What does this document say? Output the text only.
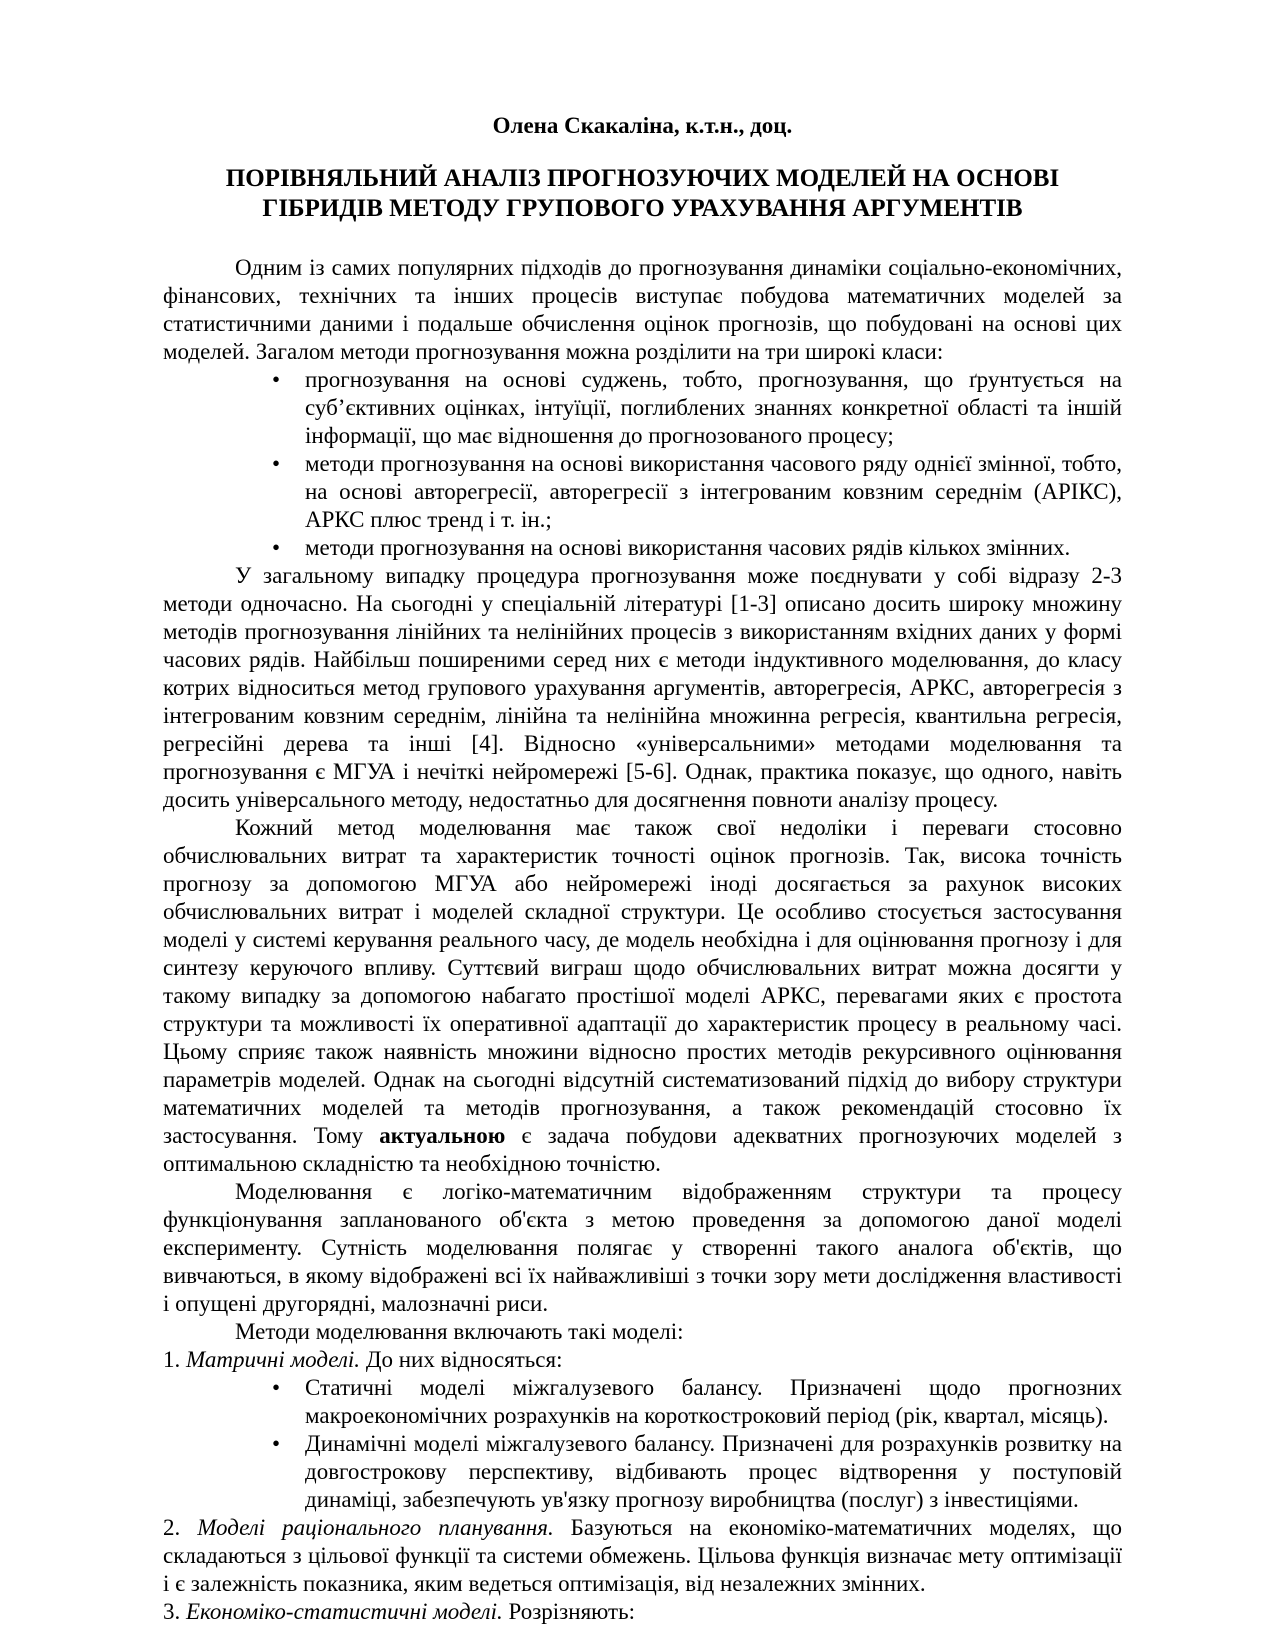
Олена Скакаліна, к.т.н., доц.
ПОРІВНЯЛЬНИЙ АНАЛІЗ ПРОГНОЗУЮЧИХ МОДЕЛЕЙ НА ОСНОВІ ГІБРИДІВ МЕТОДУ ГРУПОВОГО УРАХУВАННЯ АРГУМЕНТІВ

Одним із самих популярних підходів до прогнозування динаміки соціально-економічних, фінансових, технічних та інших процесів виступає побудова математичних моделей за статистичними даними і подальше обчислення оцінок прогнозів, що побудовані на основі цих моделей. Загалом методи прогнозування можна розділити на три широкі класи:

• прогнозування на основі суджень, тобто, прогнозування, що ґрунтується на суб’єктивних оцінках, інтуїції, поглиблених знаннях конкретної області та іншій інформації, що має відношення до прогнозованого процесу;
• методи прогнозування на основі використання часового ряду однієї змінної, тобто, на основі авторегресії, авторегресії з інтегрованим ковзним середнім (АРІКС), АРКС плюс тренд і т. ін.;
• методи прогнозування на основі використання часових рядів кількох змінних.

У загальному випадку процедура прогнозування може поєднувати у собі відразу 2-3 методи одночасно. На сьогодні у спеціальній літературі [1-3] описано досить широку множину методів прогнозування лінійних та нелінійних процесів з використанням вхідних даних у формі часових рядів. Найбільш поширеними серед них є методи індуктивного моделювання, до класу котрих відноситься метод групового урахування аргументів, авторегресія, АРКС, авторегресія з інтегрованим ковзним середнім, лінійна та нелінійна множинна регресія, квантильна регресія, регресійні дерева та інші [4]. Відносно «універсальними» методами моделювання та прогнозування є МГУА і нечіткі нейромережі [5-6]. Однак, практика показує, що одного, навіть досить універсального методу, недостатньо для досягнення повноти аналізу процесу.

Кожний метод моделювання має також свої недоліки і переваги стосовно обчислювальних витрат та характеристик точності оцінок прогнозів. Так, висока точність прогнозу за допомогою МГУА або нейромережі іноді досягається за рахунок високих обчислювальних витрат і моделей складної структури. Це особливо стосується застосування моделі у системі керування реального часу, де модель необхідна і для оцінювання прогнозу і для синтезу керуючого впливу. Суттєвий виграш щодо обчислювальних витрат можна досягти у такому випадку за допомогою набагато простішої моделі АРКС, перевагами яких є простота структури та можливості їх оперативної адаптації до характеристик процесу в реальному часі. Цьому сприяє також наявність множини відносно простих методів рекурсивного оцінювання параметрів моделей. Однак на сьогодні відсутній систематизований підхід до вибору структури математичних моделей та методів прогнозування, а також рекомендацій стосовно їх застосування. Тому актуальною є задача побудови адекватних прогнозуючих моделей з оптимальною складністю та необхідною точністю.

Моделювання є логіко-математичним відображенням структури та процесу функціонування запланованого об'єкта з метою проведення за допомогою даної моделі експерименту. Сутність моделювання полягає у створенні такого аналога об'єктів, що вивчаються, в якому відображені всі їх найважливіші з точки зору мети дослідження властивості і опущені другорядні, малозначні риси.

Методи моделювання включають такі моделі:

1. Матричні моделі. До них відносяться:

• Статичні моделі міжгалузевого балансу. Призначені щодо прогнозних макроекономічних розрахунків на короткостроковий період (рік, квартал, місяць).
• Динамічні моделі міжгалузевого балансу. Призначені для розрахунків розвитку на довгострокову перспективу, відбивають процес відтворення у поступовій динаміці, забезпечують ув'язку прогнозу виробництва (послуг) з інвестиціями.

2. Моделі раціонального планування. Базуються на економіко-математичних моделях, що складаються з цільової функції та системи обмежень. Цільова функція визначає мету оптимізації і є залежність показника, яким ведеться оптимізація, від незалежних змінних.

3. Економіко-статистичні моделі. Розрізняють:
